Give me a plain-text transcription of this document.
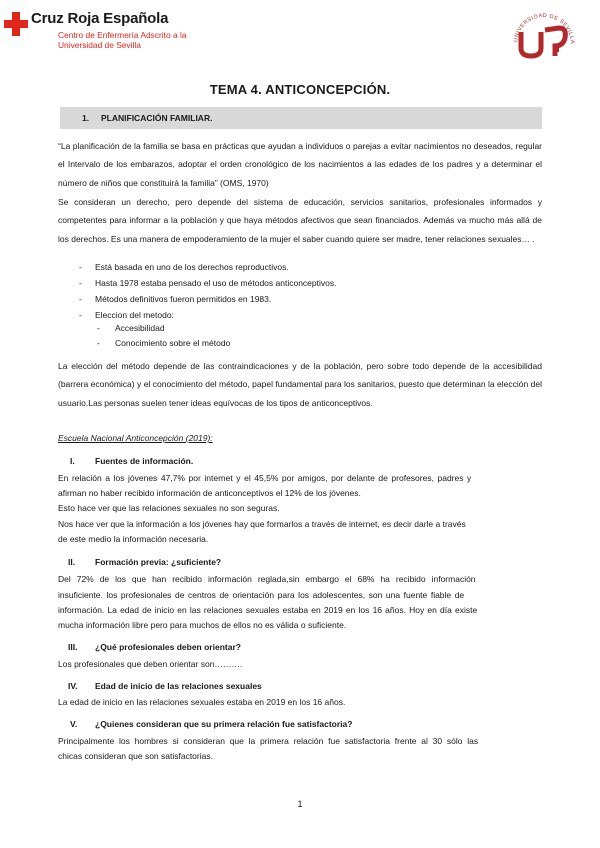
Cruz Roja Española
Centro de Enfermería Adscrito a la
Universidad de Sevilla
UNIVERSIDAD DE SEVILLA
TEMA 4. ANTICONCEPCIÓN.
1. PLANIFICACIÓN FAMILIAR.

“La planificación de la familia se basa en prácticas que ayudan a individuos o parejas a evitar nacimientos no deseados, regular el Intervalo de los embarazos, adoptar el orden cronológico de los nacimientos a las edades de los padres y a determinar el número de niños que constituirá la familia” (OMS, 1970)

Se consideran un derecho, pero depende del sistema de educación, servicios sanitarios, profesionales informados y competentes para informar a la población y que haya métodos afectivos que sean financiados. Además va mucho más allá de los derechos. Es una manera de empoderamiento de la mujer el saber cuando quiere ser madre, tener relaciones sexuales… .

- Está basada en uno de los derechos reproductivos.
- Hasta 1978 estaba pensado el uso de métodos anticonceptivos.
- Métodos definitivos fueron permitidos en 1983.
- Eleccion del metodo:
- Accesibilidad
- Conocimiento sobre el método

La elección del método depende de las contraindicaciones y de la población, pero sobre todo depende de la accesibilidad (barrera económica) y el conocimiento del método, papel fundamental para los sanitarios, puesto que determinan la elección del usuario.Las personas suelen tener ideas equívocas de los tipos de anticonceptivos.

Escuela Nacional Anticoncepción (2019):
I. Fuentes de información.
En relación a los jóvenes 47,7% por internet y el 45,5% por amigos, por delante de profesores, padres y
afirman no haber recibido información de anticonceptivos el 12% de los jóvenes.
Esto hace ver que las relaciones sexuales no son seguras.
Nos hace ver que la información a los jóvenes hay que formarlos a través de internet, es decir darle a través
de este medio la información necesaria.
II. Formación previa: ¿suficiente?
Del 72% de los que han recibido información reglada,sin embargo el 68% ha recibido información
insuficiente. los profesionales de centros de orientación para los adolescentes, son una fuente fiable de
información. La edad de inicio en las relaciones sexuales estaba en 2019 en los 16 años. Hoy en día existe
mucha información libre pero para muchos de ellos no es válida o suficiente.
III. ¿Qué profesionales deben orientar?
Los profesionales que deben orientar son……….
IV. Edad de inicio de las relaciones sexuales
La edad de inicio en las relaciones sexuales estaba en 2019 en los 16 años.
V. ¿Quienes consideran que su primera relación fue satisfactoria?
Principalmente los hombres si consideran que la primera relación fue satisfactoria frente al 30 sólo las
chicas consideran que son satisfactorias.
1
